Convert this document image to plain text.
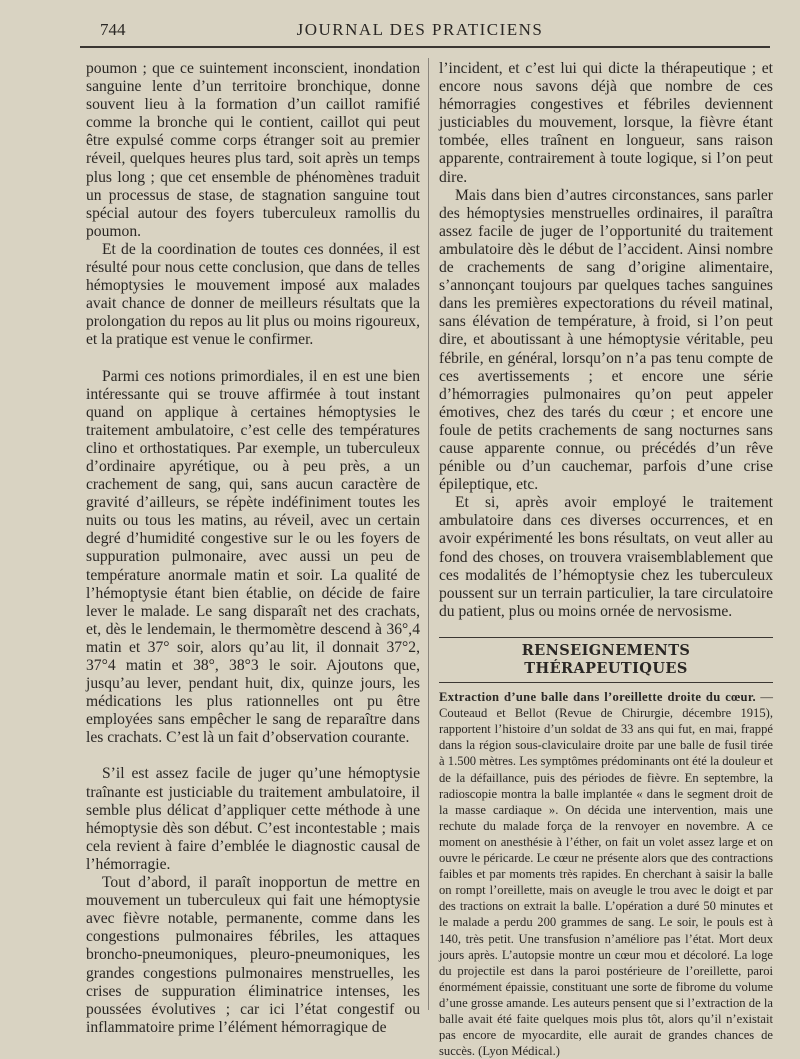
744	JOURNAL DES PRATICIENS

poumon ; que ce suintement inconscient, inondation sanguine lente d’un territoire bronchique, donne souvent lieu à la formation d’un caillot ramifié comme la bronche qui le contient, caillot qui peut être expulsé comme corps étranger soit au premier réveil, quelques heures plus tard, soit après un temps plus long ; que cet ensemble de phénomènes traduit un processus de stase, de stagnation sanguine tout spécial autour des foyers tuberculeux ramollis du poumon.

Et de la coordination de toutes ces données, il est résulté pour nous cette conclusion, que dans de telles hémoptysies le mouvement imposé aux malades avait chance de donner de meilleurs résultats que la prolongation du repos au lit plus ou moins rigoureux, et la pratique est venue le confirmer.

Parmi ces notions primordiales, il en est une bien intéressante qui se trouve affirmée à tout instant quand on applique à certaines hémoptysies le traitement ambulatoire, c’est celle des températures clino et orthostatiques. Par exemple, un tuberculeux d’ordinaire apyrétique, ou à peu près, a un crachement de sang, qui, sans aucun caractère de gravité d’ailleurs, se répète indéfiniment toutes les nuits ou tous les matins, au réveil, avec un certain degré d’humidité congestive sur le ou les foyers de suppuration pulmonaire, avec aussi un peu de température anormale matin et soir. La qualité de l’hémoptysie étant bien établie, on décide de faire lever le malade. Le sang disparaît net des crachats, et, dès le lendemain, le thermomètre descend à 36°,4 matin et 37° soir, alors qu’au lit, il donnait 37°2, 37°4 matin et 38°, 38°3 le soir. Ajoutons que, jusqu’au lever, pendant huit, dix, quinze jours, les médications les plus rationnelles ont pu être employées sans empêcher le sang de reparaître dans les crachats. C’est là un fait d’observation courante.

S’il est assez facile de juger qu’une hémoptysie traînante est justiciable du traitement ambulatoire, il semble plus délicat d’appliquer cette méthode à une hémoptysie dès son début. C’est incontestable ; mais cela revient à faire d’emblée le diagnostic causal de l’hémorragie.

Tout d’abord, il paraît inopportun de mettre en mouvement un tuberculeux qui fait une hémoptysie avec fièvre notable, permanente, comme dans les congestions pulmonaires fébriles, les attaques broncho-pneumoniques, pleuro-pneumoniques, les grandes congestions pulmonaires menstruelles, les crises de suppuration éliminatrice intenses, les poussées évolutives ; car ici l’état congestif ou inflammatoire prime l’élément hémorragique de

l’incident, et c’est lui qui dicte la thérapeutique ; et encore nous savons déjà que nombre de ces hémorragies congestives et fébriles deviennent justiciables du mouvement, lorsque, la fièvre étant tombée, elles traînent en longueur, sans raison apparente, contrairement à toute logique, si l’on peut dire.

Mais dans bien d’autres circonstances, sans parler des hémoptysies menstruelles ordinaires, il paraîtra assez facile de juger de l’opportunité du traitement ambulatoire dès le début de l’accident. Ainsi nombre de crachements de sang d’origine alimentaire, s’annonçant toujours par quelques taches sanguines dans les premières expectorations du réveil matinal, sans élévation de température, à froid, si l’on peut dire, et aboutissant à une hémoptysie véritable, peu fébrile, en général, lorsqu’on n’a pas tenu compte de ces avertissements ; et encore une série d’hémorragies pulmonaires qu’on peut appeler émotives, chez des tarés du cœur ; et encore une foule de petits crachements de sang nocturnes sans cause apparente connue, ou précédés d’un rêve pénible ou d’un cauchemar, parfois d’une crise épileptique, etc.

Et si, après avoir employé le traitement ambulatoire dans ces diverses occurrences, et en avoir expérimenté les bons résultats, on veut aller au fond des choses, on trouvera vraisemblablement que ces modalités de l’hémoptysie chez les tuberculeux poussent sur un terrain particulier, la tare circulatoire du patient, plus ou moins ornée de nervosisme.

RENSEIGNEMENTS THÉRAPEUTIQUES

Extraction d’une balle dans l’oreillette droite du cœur. — Couteaud et Bellot (Revue de Chirurgie, décembre 1915), rapportent l’histoire d’un soldat de 33 ans qui fut, en mai, frappé dans la région sous-claviculaire droite par une balle de fusil tirée à 1.500 mètres. Les symptômes prédominants ont été la douleur et de la défaillance, puis des périodes de fièvre. En septembre, la radioscopie montra la balle implantée « dans le segment droit de la masse cardiaque ». On décida une intervention, mais une rechute du malade força de la renvoyer en novembre. A ce moment on anesthésie à l’éther, on fait un volet assez large et on ouvre le péricarde. Le cœur ne présente alors que des contractions faibles et par moments très rapides. En cherchant à saisir la balle on rompt l’oreillette, mais on aveugle le trou avec le doigt et par des tractions on extrait la balle. L’opération a duré 50 minutes et le malade a perdu 200 grammes de sang. Le soir, le pouls est à 140, très petit. Une transfusion n’améliore pas l’état. Mort deux jours après. L’autopsie montre un cœur mou et décoloré. La loge du projectile est dans la paroi postérieure de l’oreillette, paroi énormément épaissie, constituant une sorte de fibrome du volume d’une grosse amande. Les auteurs pensent que si l’extraction de la balle avait été faite quelques mois plus tôt, alors qu’il n’existait pas encore de myocardite, elle aurait de grandes chances de succès. (Lyon Médical.)
